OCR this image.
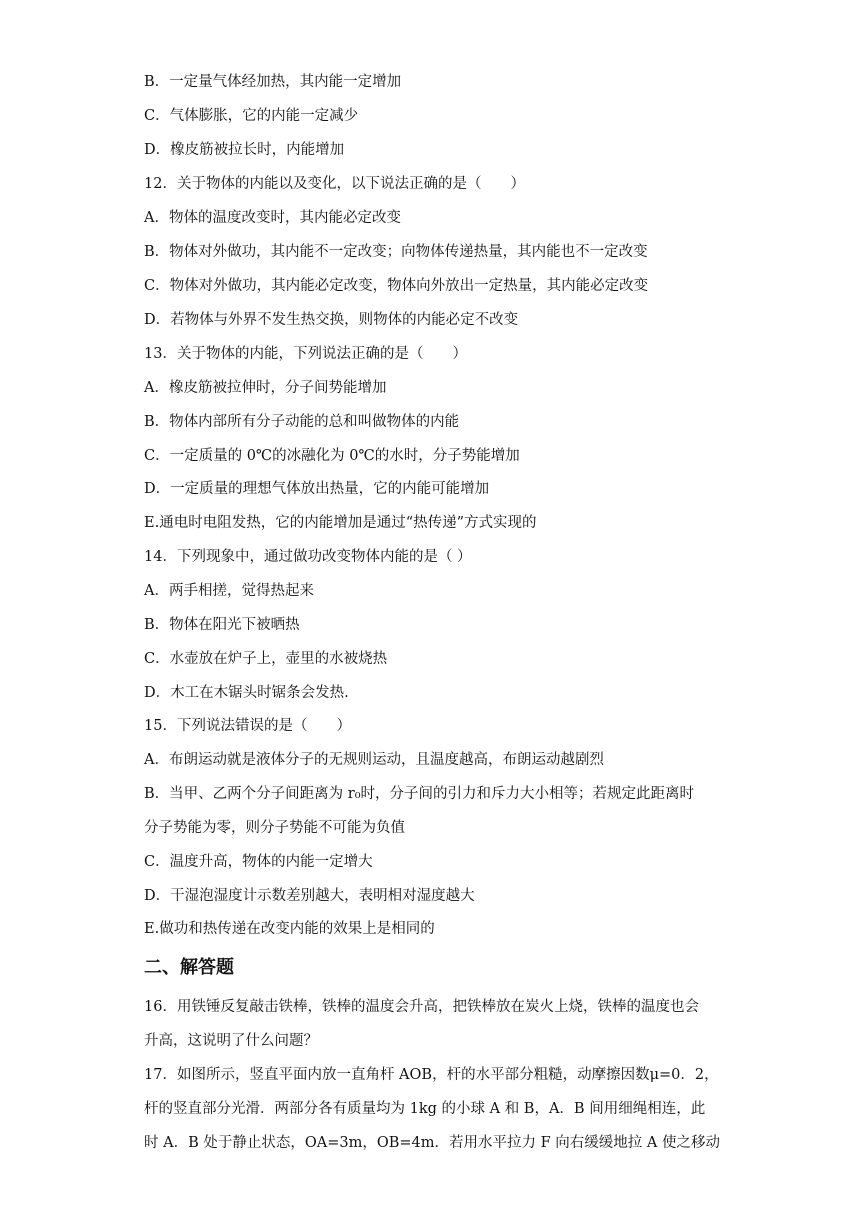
B．一定量气体经加热，其内能一定增加
C．气体膨胀，它的内能一定减少
D．橡皮筋被拉长时，内能增加
12．关于物体的内能以及变化，以下说法正确的是（　　）
A．物体的温度改变时，其内能必定改变
B．物体对外做功，其内能不一定改变；向物体传递热量，其内能也不一定改变
C．物体对外做功，其内能必定改变，物体向外放出一定热量，其内能必定改变
D．若物体与外界不发生热交换，则物体的内能必定不改变
13．关于物体的内能，下列说法正确的是（　　）
A．橡皮筋被拉伸时，分子间势能增加
B．物体内部所有分子动能的总和叫做物体的内能
C．一定质量的 0℃的冰融化为 0℃的水时，分子势能增加
D．一定质量的理想气体放出热量，它的内能可能增加
E.通电时电阻发热，它的内能增加是通过“热传递”方式实现的
14．下列现象中，通过做功改变物体内能的是（ ）
A．两手相搓，觉得热起来
B．物体在阳光下被晒热
C．水壶放在炉子上，壶里的水被烧热
D．木工在木锯头时锯条会发热.
15．下列说法错误的是（　　）
A．布朗运动就是液体分子的无规则运动，且温度越高，布朗运动越剧烈
B．当甲、乙两个分子间距离为 r₀时，分子间的引力和斥力大小相等；若规定此距离时
分子势能为零，则分子势能不可能为负值
C．温度升高，物体的内能一定增大
D．干湿泡湿度计示数差别越大，表明相对湿度越大
E.做功和热传递在改变内能的效果上是相同的
二、解答题
16．用铁锤反复敲击铁棒，铁棒的温度会升高，把铁棒放在炭火上烧，铁棒的温度也会
升高，这说明了什么问题？
17．如图所示，竖直平面内放一直角杆 AOB，杆的水平部分粗糙，动摩擦因数μ=0．2，
杆的竖直部分光滑．两部分各有质量均为 1kg 的小球 A 和 B，A．B 间用细绳相连，此
时 A．B 处于静止状态，OA=3m，OB=4m．若用水平拉力 F 向右缓缓地拉 A 使之移动
